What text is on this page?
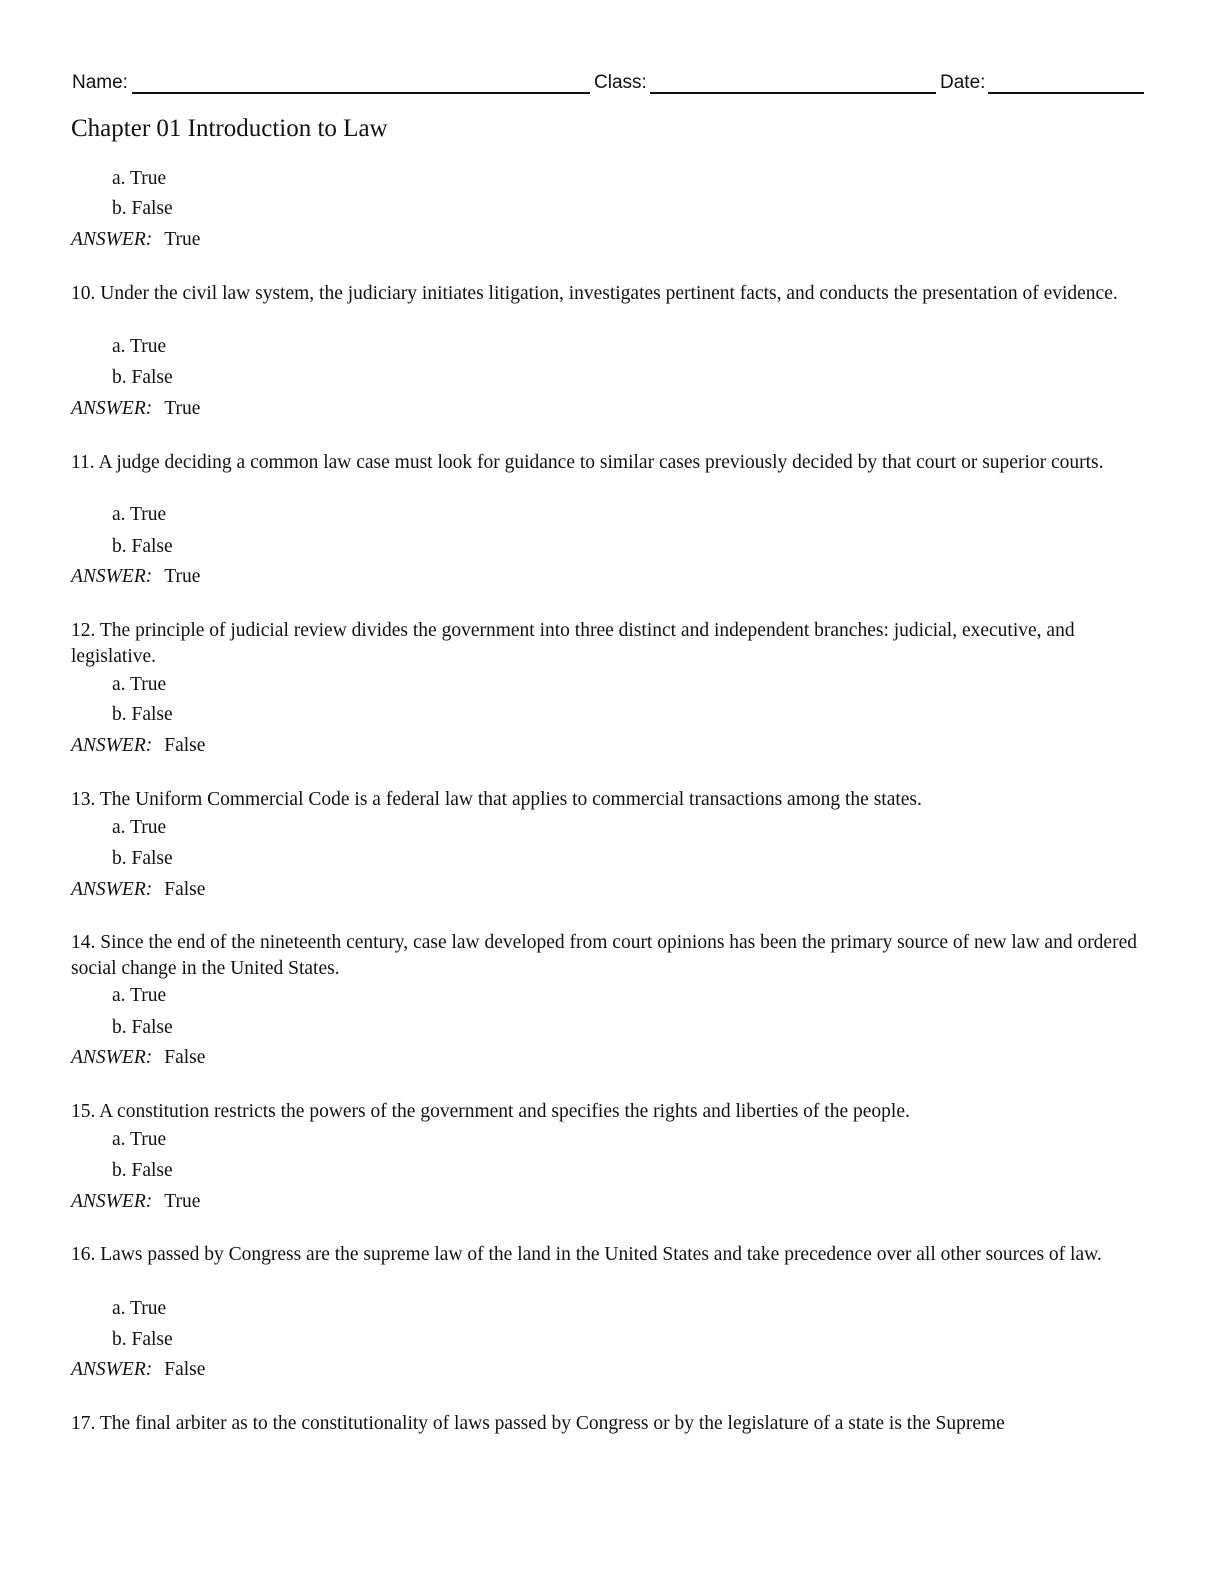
Name:	Class:	Date:
Chapter 01 Introduction to Law
a. True
b. False
ANSWER: True

10. Under the civil law system, the judiciary initiates litigation, investigates pertinent facts, and conducts the presentation of evidence.

a. True
b. False
ANSWER: True

11. A judge deciding a common law case must look for guidance to similar cases previously decided by that court or superior courts.

a. True
b. False
ANSWER: True

12. The principle of judicial review divides the government into three distinct and independent branches: judicial, executive, and legislative.

a. True
b. False
ANSWER: False

13. The Uniform Commercial Code is a federal law that applies to commercial transactions among the states.

a. True
b. False
ANSWER: False

14. Since the end of the nineteenth century, case law developed from court opinions has been the primary source of new law and ordered social change in the United States.

a. True
b. False
ANSWER: False

15. A constitution restricts the powers of the government and specifies the rights and liberties of the people.

a. True
b. False
ANSWER: True

16. Laws passed by Congress are the supreme law of the land in the United States and take precedence over all other sources of law.

a. True
b. False
ANSWER: False

17. The final arbiter as to the constitutionality of laws passed by Congress or by the legislature of a state is the Supreme
